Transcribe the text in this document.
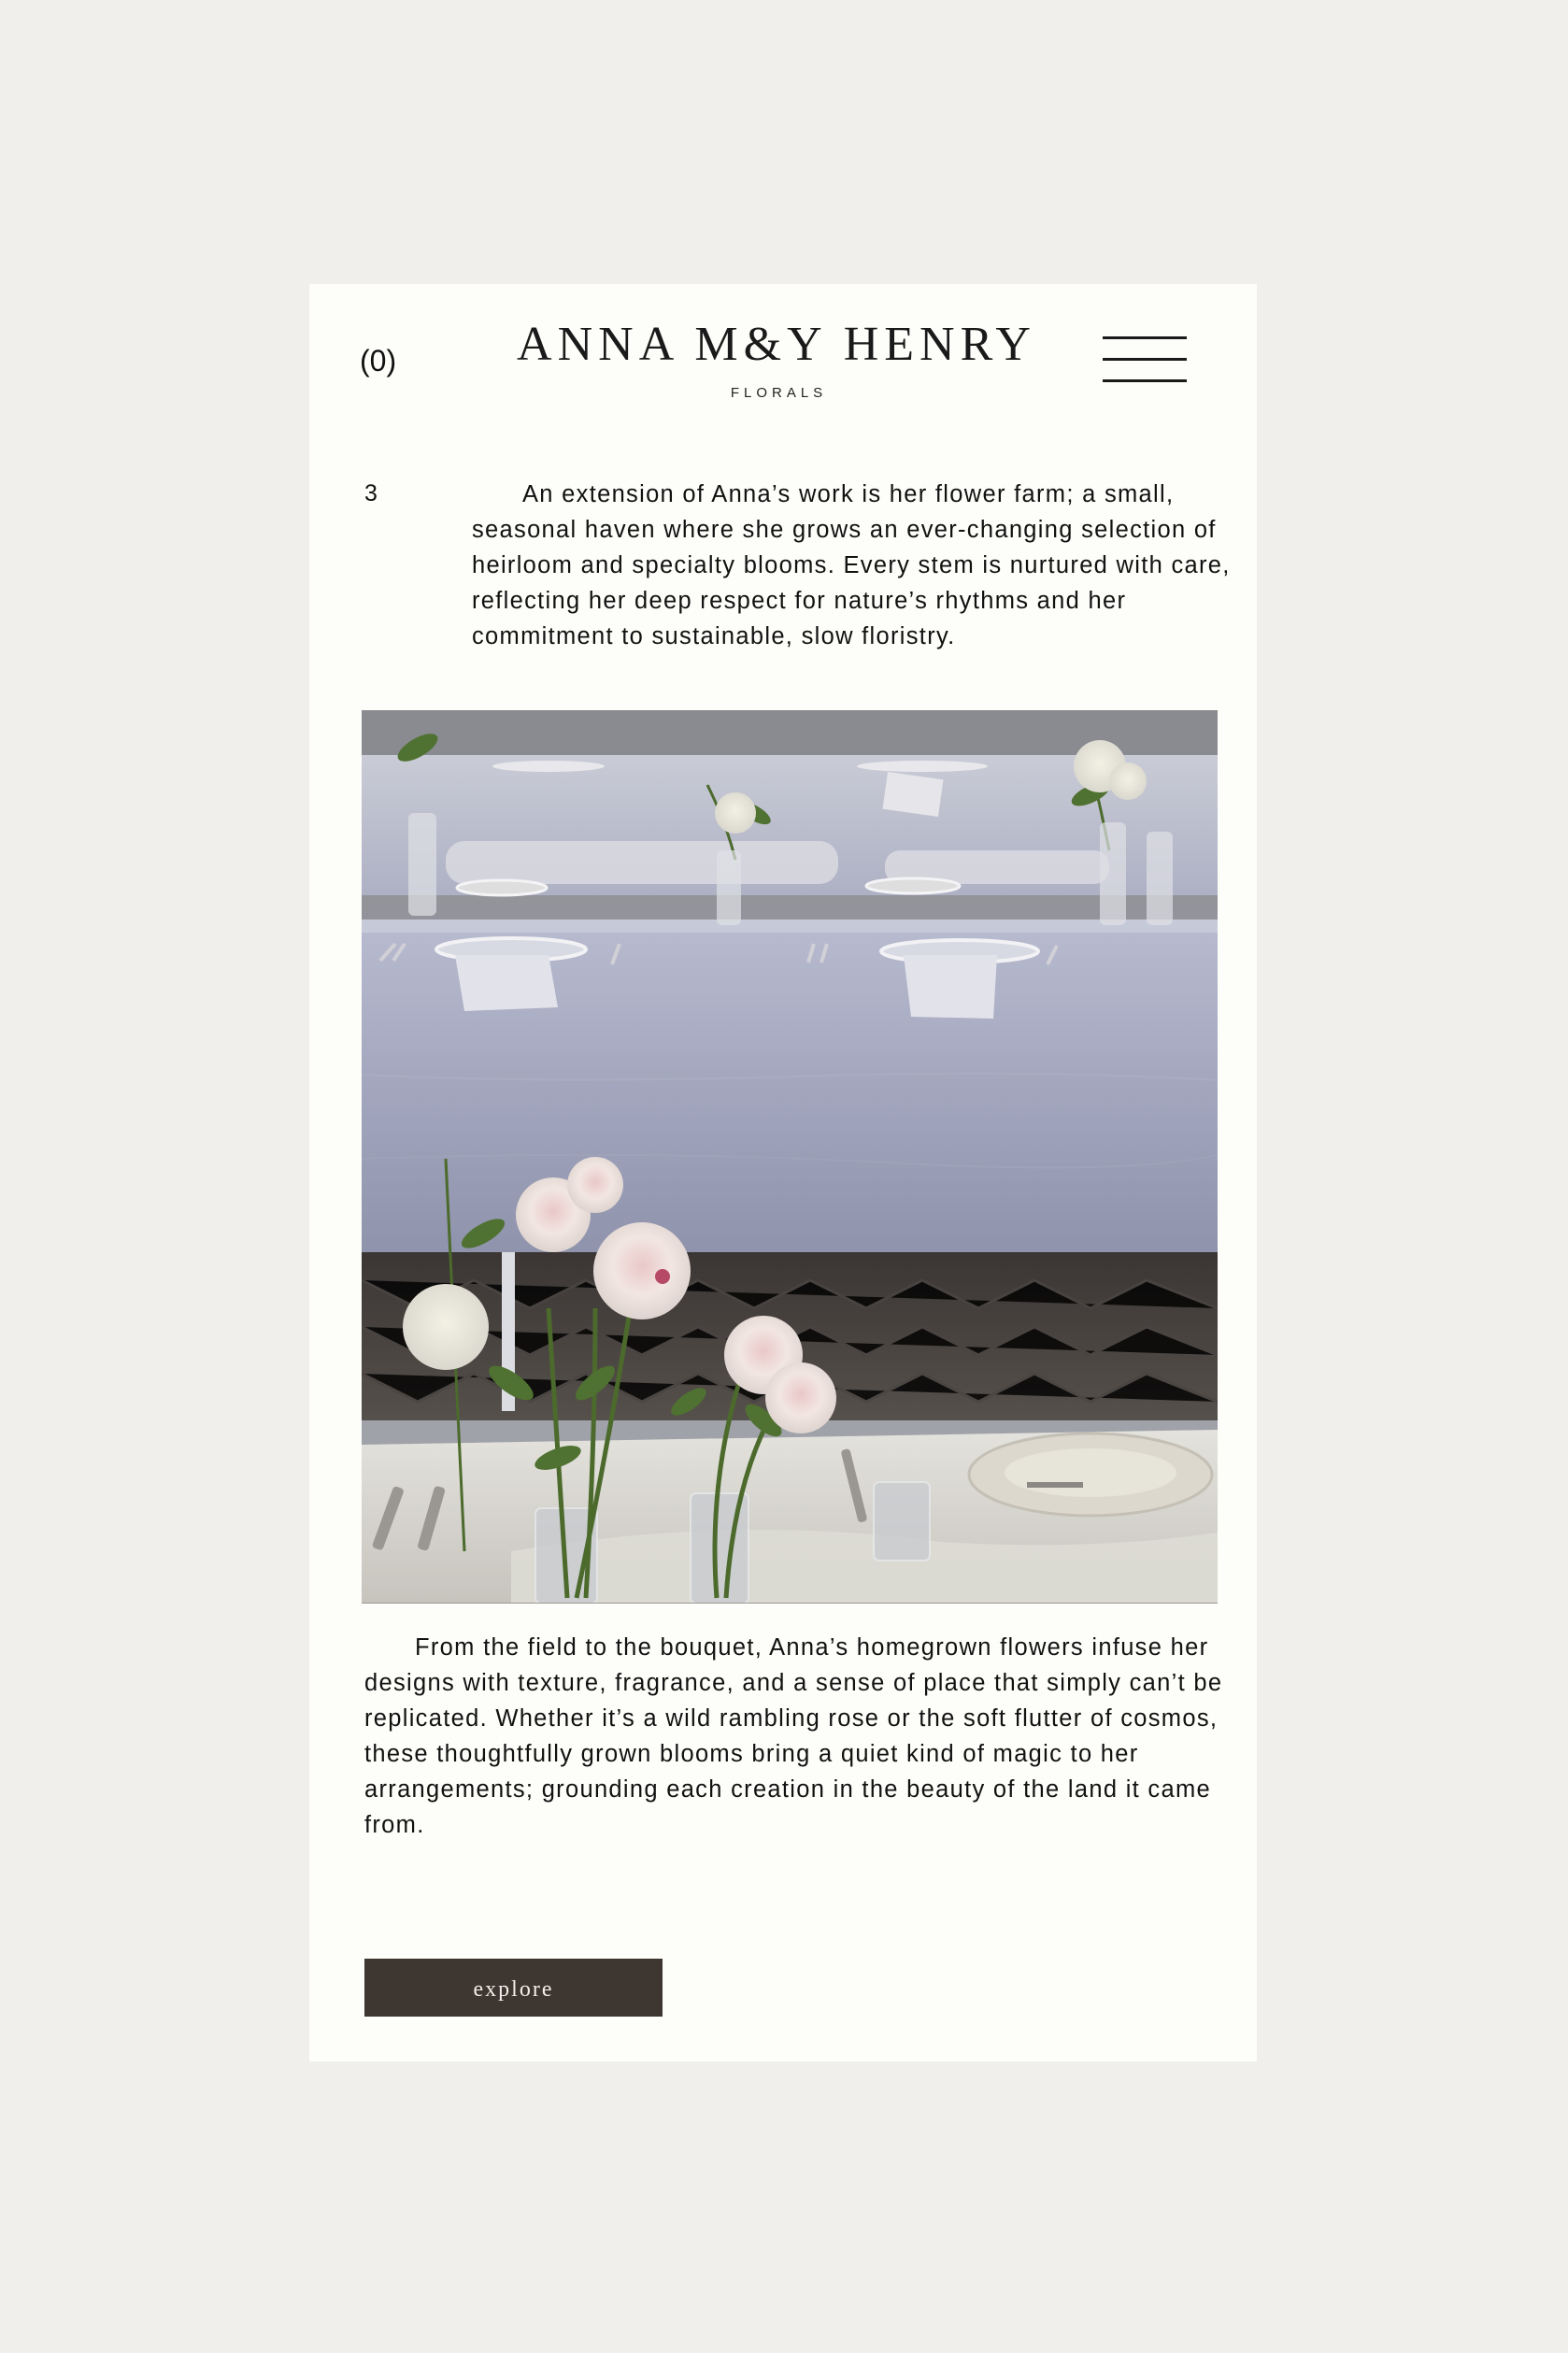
(0)	ANNA M&Y HENRY
FLORALS
3	An extension of Anna’s work is her flower farm; a small, seasonal haven where she grows an ever-changing selection of heirloom and specialty blooms. Every stem is nurtured with care, reflecting her deep respect for nature’s rhythms and her commitment to sustainable, slow floristry.

From the field to the bouquet, Anna’s homegrown flowers infuse her designs with texture, fragrance, and a sense of place that simply can’t be replicated. Whether it’s a wild rambling rose or the soft flutter of cosmos, these thoughtfully grown blooms bring a quiet kind of magic to her arrangements; grounding each creation in the beauty of the land it came from.

explore
